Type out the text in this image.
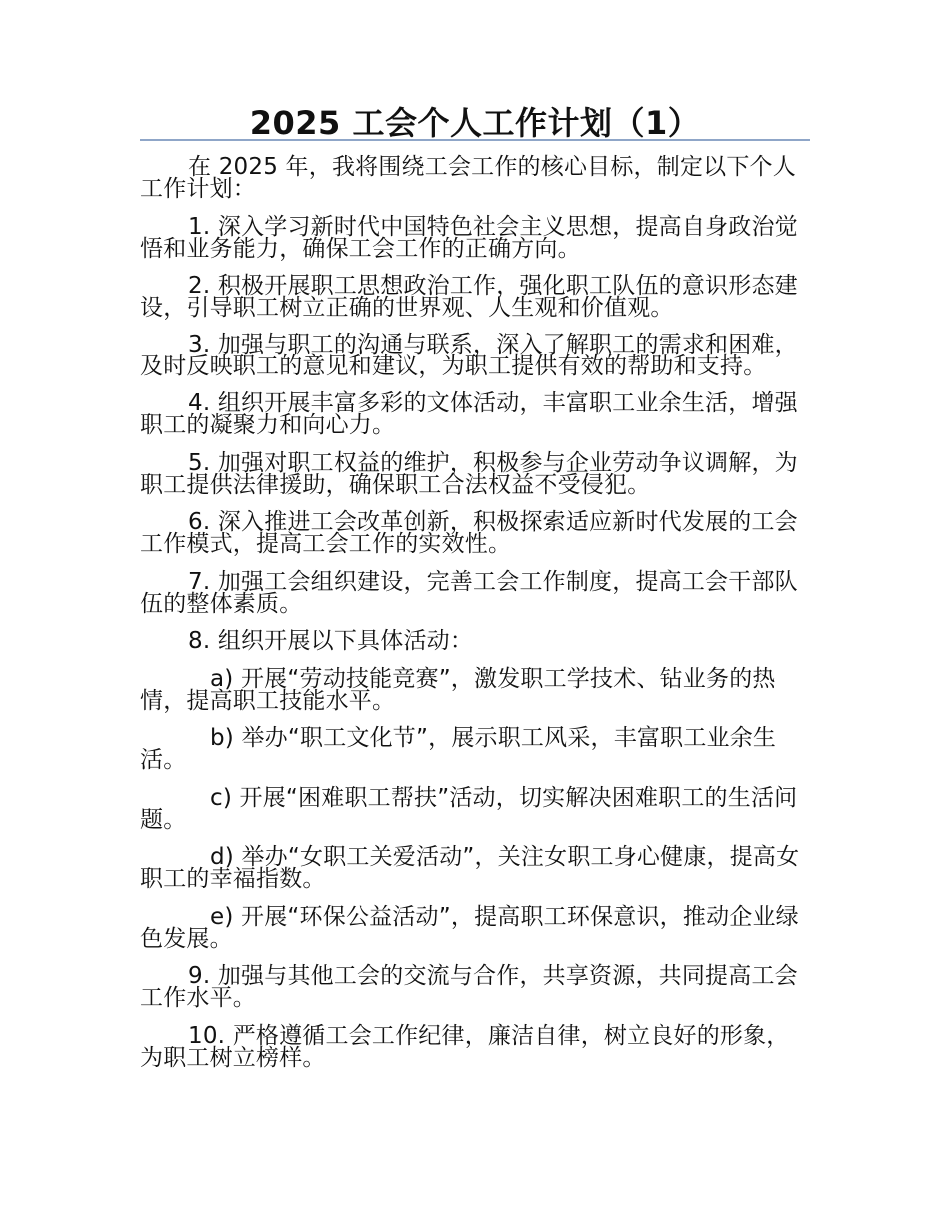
2025 工会个人工作计划（1）

在 2025 年，我将围绕工会工作的核心目标，制定以下个人工作计划：

1. 深入学习新时代中国特色社会主义思想，提高自身政治觉悟和业务能力，确保工会工作的正确方向。

2. 积极开展职工思想政治工作，强化职工队伍的意识形态建设，引导职工树立正确的世界观、人生观和价值观。

3. 加强与职工的沟通与联系，深入了解职工的需求和困难，及时反映职工的意见和建议，为职工提供有效的帮助和支持。

4. 组织开展丰富多彩的文体活动，丰富职工业余生活，增强职工的凝聚力和向心力。

5. 加强对职工权益的维护，积极参与企业劳动争议调解，为职工提供法律援助，确保职工合法权益不受侵犯。

6. 深入推进工会改革创新，积极探索适应新时代发展的工会工作模式，提高工会工作的实效性。

7. 加强工会组织建设，完善工会工作制度，提高工会干部队伍的整体素质。

8. 组织开展以下具体活动：

a) 开展“劳动技能竞赛”，激发职工学技术、钻业务的热情，提高职工技能水平。

b) 举办“职工文化节”，展示职工风采，丰富职工业余生活。

c) 开展“困难职工帮扶”活动，切实解决困难职工的生活问题。

d) 举办“女职工关爱活动”，关注女职工身心健康，提高女职工的幸福指数。

e) 开展“环保公益活动”，提高职工环保意识，推动企业绿色发展。

9. 加强与其他工会的交流与合作，共享资源，共同提高工会工作水平。

10. 严格遵循工会工作纪律，廉洁自律，树立良好的形象，为职工树立榜样。
